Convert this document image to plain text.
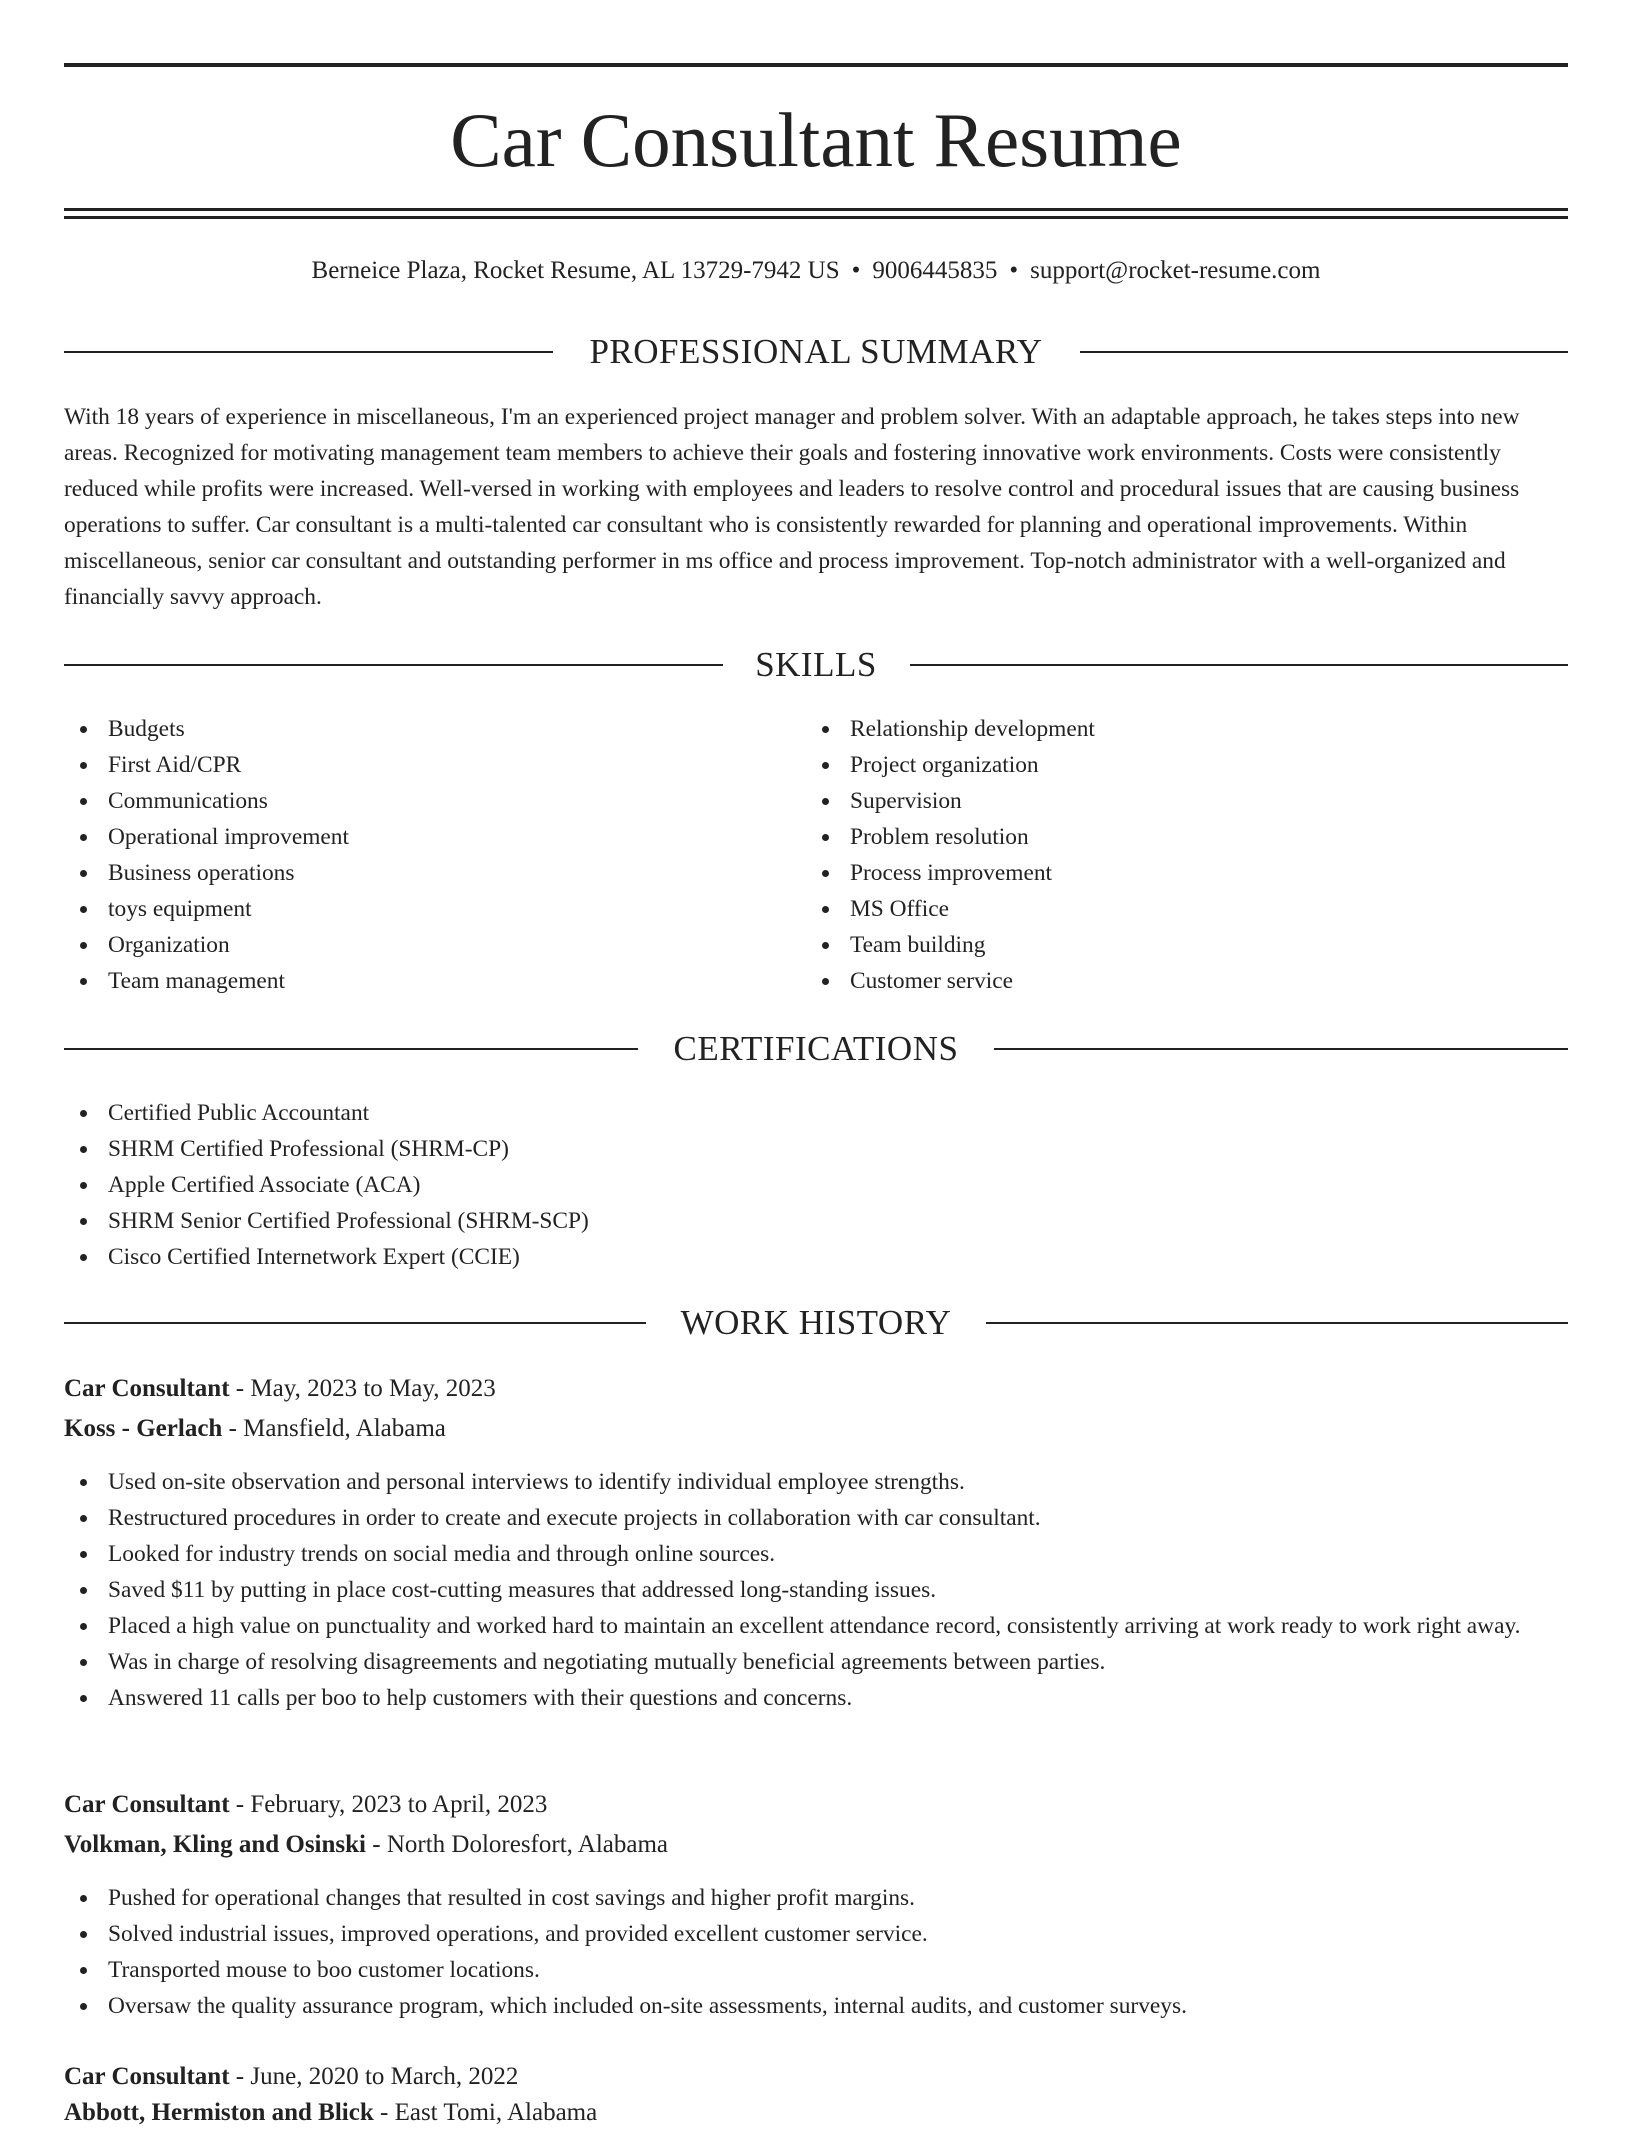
Car Consultant Resume
Berneice Plaza, Rocket Resume, AL 13729-7942 US • 9006445835 • support@rocket-resume.com
PROFESSIONAL SUMMARY

With 18 years of experience in miscellaneous, I'm an experienced project manager and problem solver. With an adaptable approach, he takes steps into new areas. Recognized for motivating management team members to achieve their goals and fostering innovative work environments. Costs were consistently reduced while profits were increased. Well-versed in working with employees and leaders to resolve control and procedural issues that are causing business operations to suffer. Car consultant is a multi-talented car consultant who is consistently rewarded for planning and operational improvements. Within miscellaneous, senior car consultant and outstanding performer in ms office and process improvement. Top-notch administrator with a well-organized and financially savvy approach.

SKILLS
Budgets
First Aid/CPR
Communications
Operational improvement
Business operations
toys equipment
Organization
Team management
Relationship development
Project organization
Supervision
Problem resolution
Process improvement
MS Office
Team building
Customer service
CERTIFICATIONS
Certified Public Accountant
SHRM Certified Professional (SHRM-CP)
Apple Certified Associate (ACA)
SHRM Senior Certified Professional (SHRM-SCP)
Cisco Certified Internetwork Expert (CCIE)
WORK HISTORY
Car Consultant - May, 2023 to May, 2023
Koss - Gerlach - Mansfield, Alabama
Used on-site observation and personal interviews to identify individual employee strengths.
Restructured procedures in order to create and execute projects in collaboration with car consultant.
Looked for industry trends on social media and through online sources.
Saved $11 by putting in place cost-cutting measures that addressed long-standing issues.
Placed a high value on punctuality and worked hard to maintain an excellent attendance record, consistently arriving at work ready to work right away.
Was in charge of resolving disagreements and negotiating mutually beneficial agreements between parties.
Answered 11 calls per boo to help customers with their questions and concerns.
Car Consultant - February, 2023 to April, 2023
Volkman, Kling and Osinski - North Doloresfort, Alabama
Pushed for operational changes that resulted in cost savings and higher profit margins.
Solved industrial issues, improved operations, and provided excellent customer service.
Transported mouse to boo customer locations.
Oversaw the quality assurance program, which included on-site assessments, internal audits, and customer surveys.
Car Consultant - June, 2020 to March, 2022
Abbott, Hermiston and Blick - East Tomi, Alabama
